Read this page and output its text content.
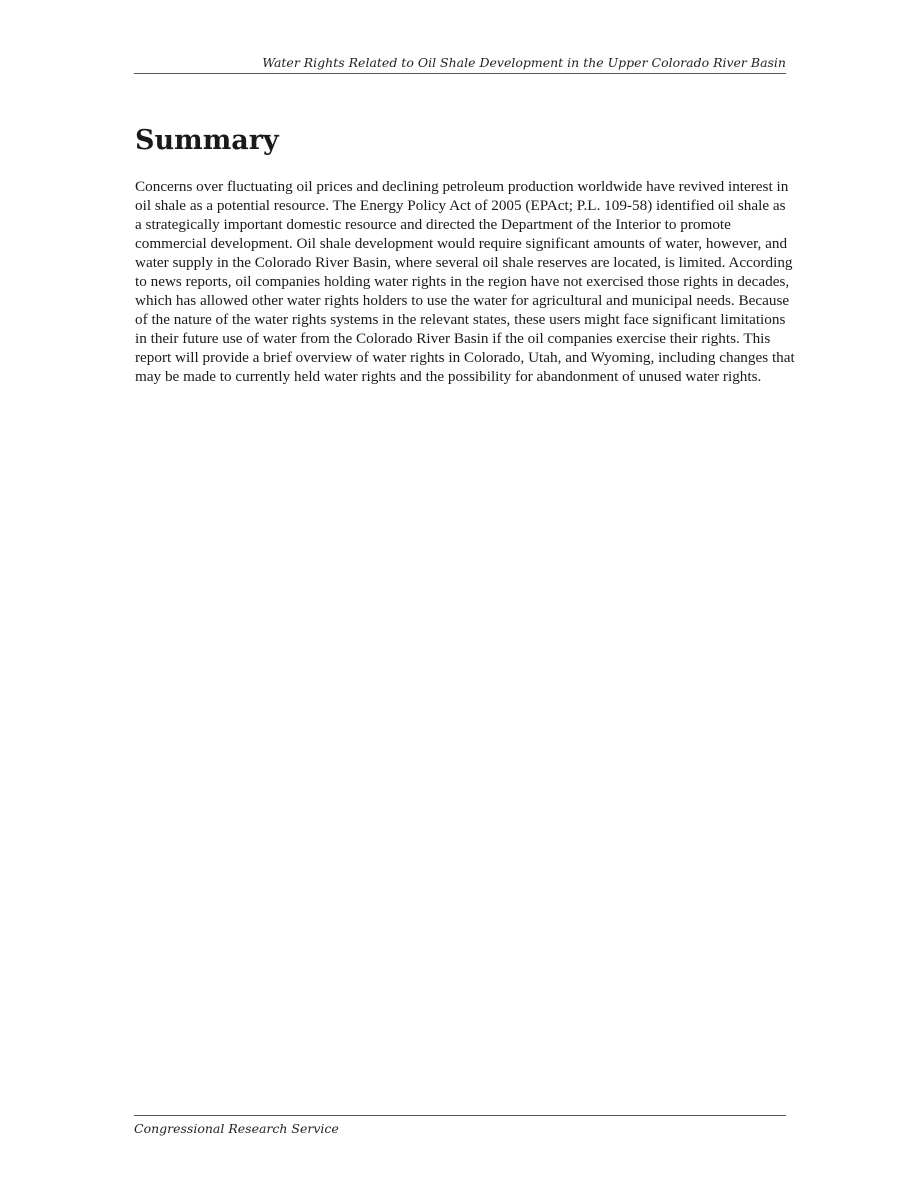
Water Rights Related to Oil Shale Development in the Upper Colorado River Basin
Summary

Concerns over fluctuating oil prices and declining petroleum production worldwide have revived interest in oil shale as a potential resource. The Energy Policy Act of 2005 (EPAct; P.L. 109-58) identified oil shale as a strategically important domestic resource and directed the Department of the Interior to promote commercial development. Oil shale development would require significant amounts of water, however, and water supply in the Colorado River Basin, where several oil shale reserves are located, is limited. According to news reports, oil companies holding water rights in the region have not exercised those rights in decades, which has allowed other water rights holders to use the water for agricultural and municipal needs. Because of the nature of the water rights systems in the relevant states, these users might face significant limitations in their future use of water from the Colorado River Basin if the oil companies exercise their rights. This report will provide a brief overview of water rights in Colorado, Utah, and Wyoming, including changes that may be made to currently held water rights and the possibility for abandonment of unused water rights.

Congressional Research Service
